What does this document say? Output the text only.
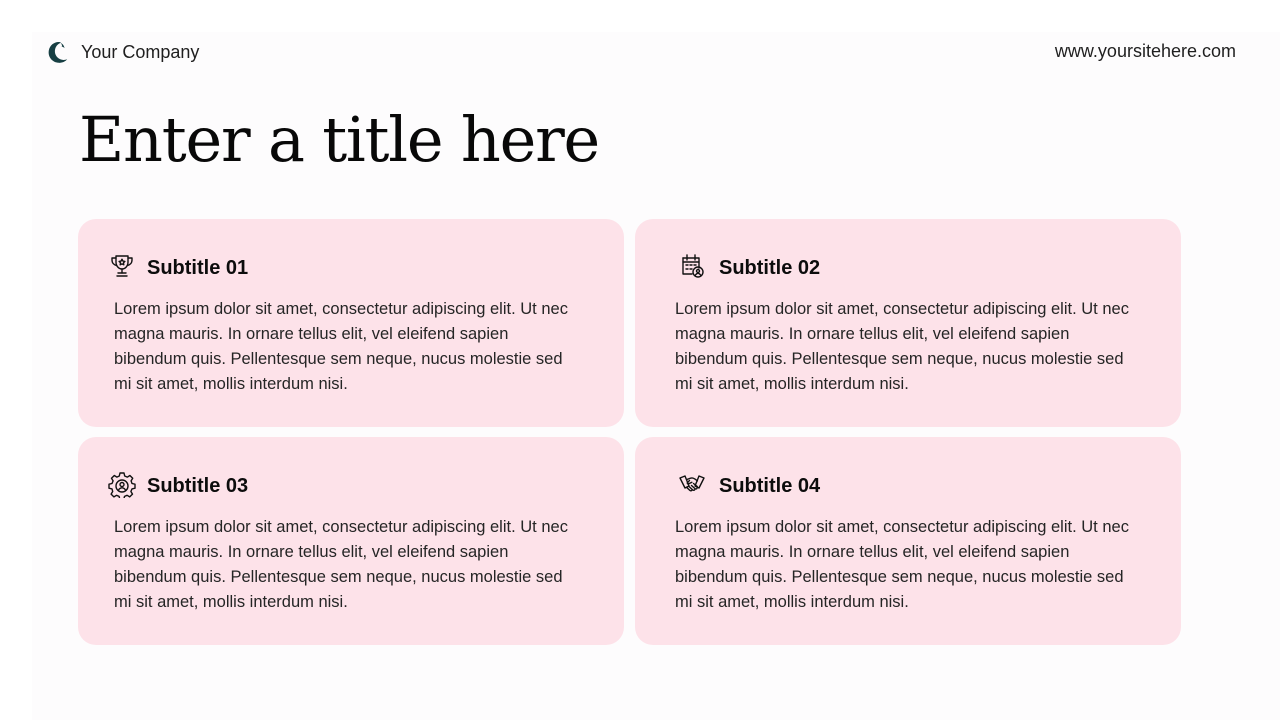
Your Company	www.yoursitehere.com
Enter a title here
Subtitle 01

Lorem ipsum dolor sit amet, consectetur adipiscing elit. Ut nec magna mauris. In ornare tellus elit, vel eleifend sapien bibendum quis. Pellentesque sem neque, nucus molestie sed mi sit amet, mollis interdum nisi.

Subtitle 02

Lorem ipsum dolor sit amet, consectetur adipiscing elit. Ut nec magna mauris. In ornare tellus elit, vel eleifend sapien bibendum quis. Pellentesque sem neque, nucus molestie sed mi sit amet, mollis interdum nisi.

Subtitle 03

Lorem ipsum dolor sit amet, consectetur adipiscing elit. Ut nec magna mauris. In ornare tellus elit, vel eleifend sapien bibendum quis. Pellentesque sem neque, nucus molestie sed mi sit amet, mollis interdum nisi.

Subtitle 04

Lorem ipsum dolor sit amet, consectetur adipiscing elit. Ut nec magna mauris. In ornare tellus elit, vel eleifend sapien bibendum quis. Pellentesque sem neque, nucus molestie sed mi sit amet, mollis interdum nisi.
